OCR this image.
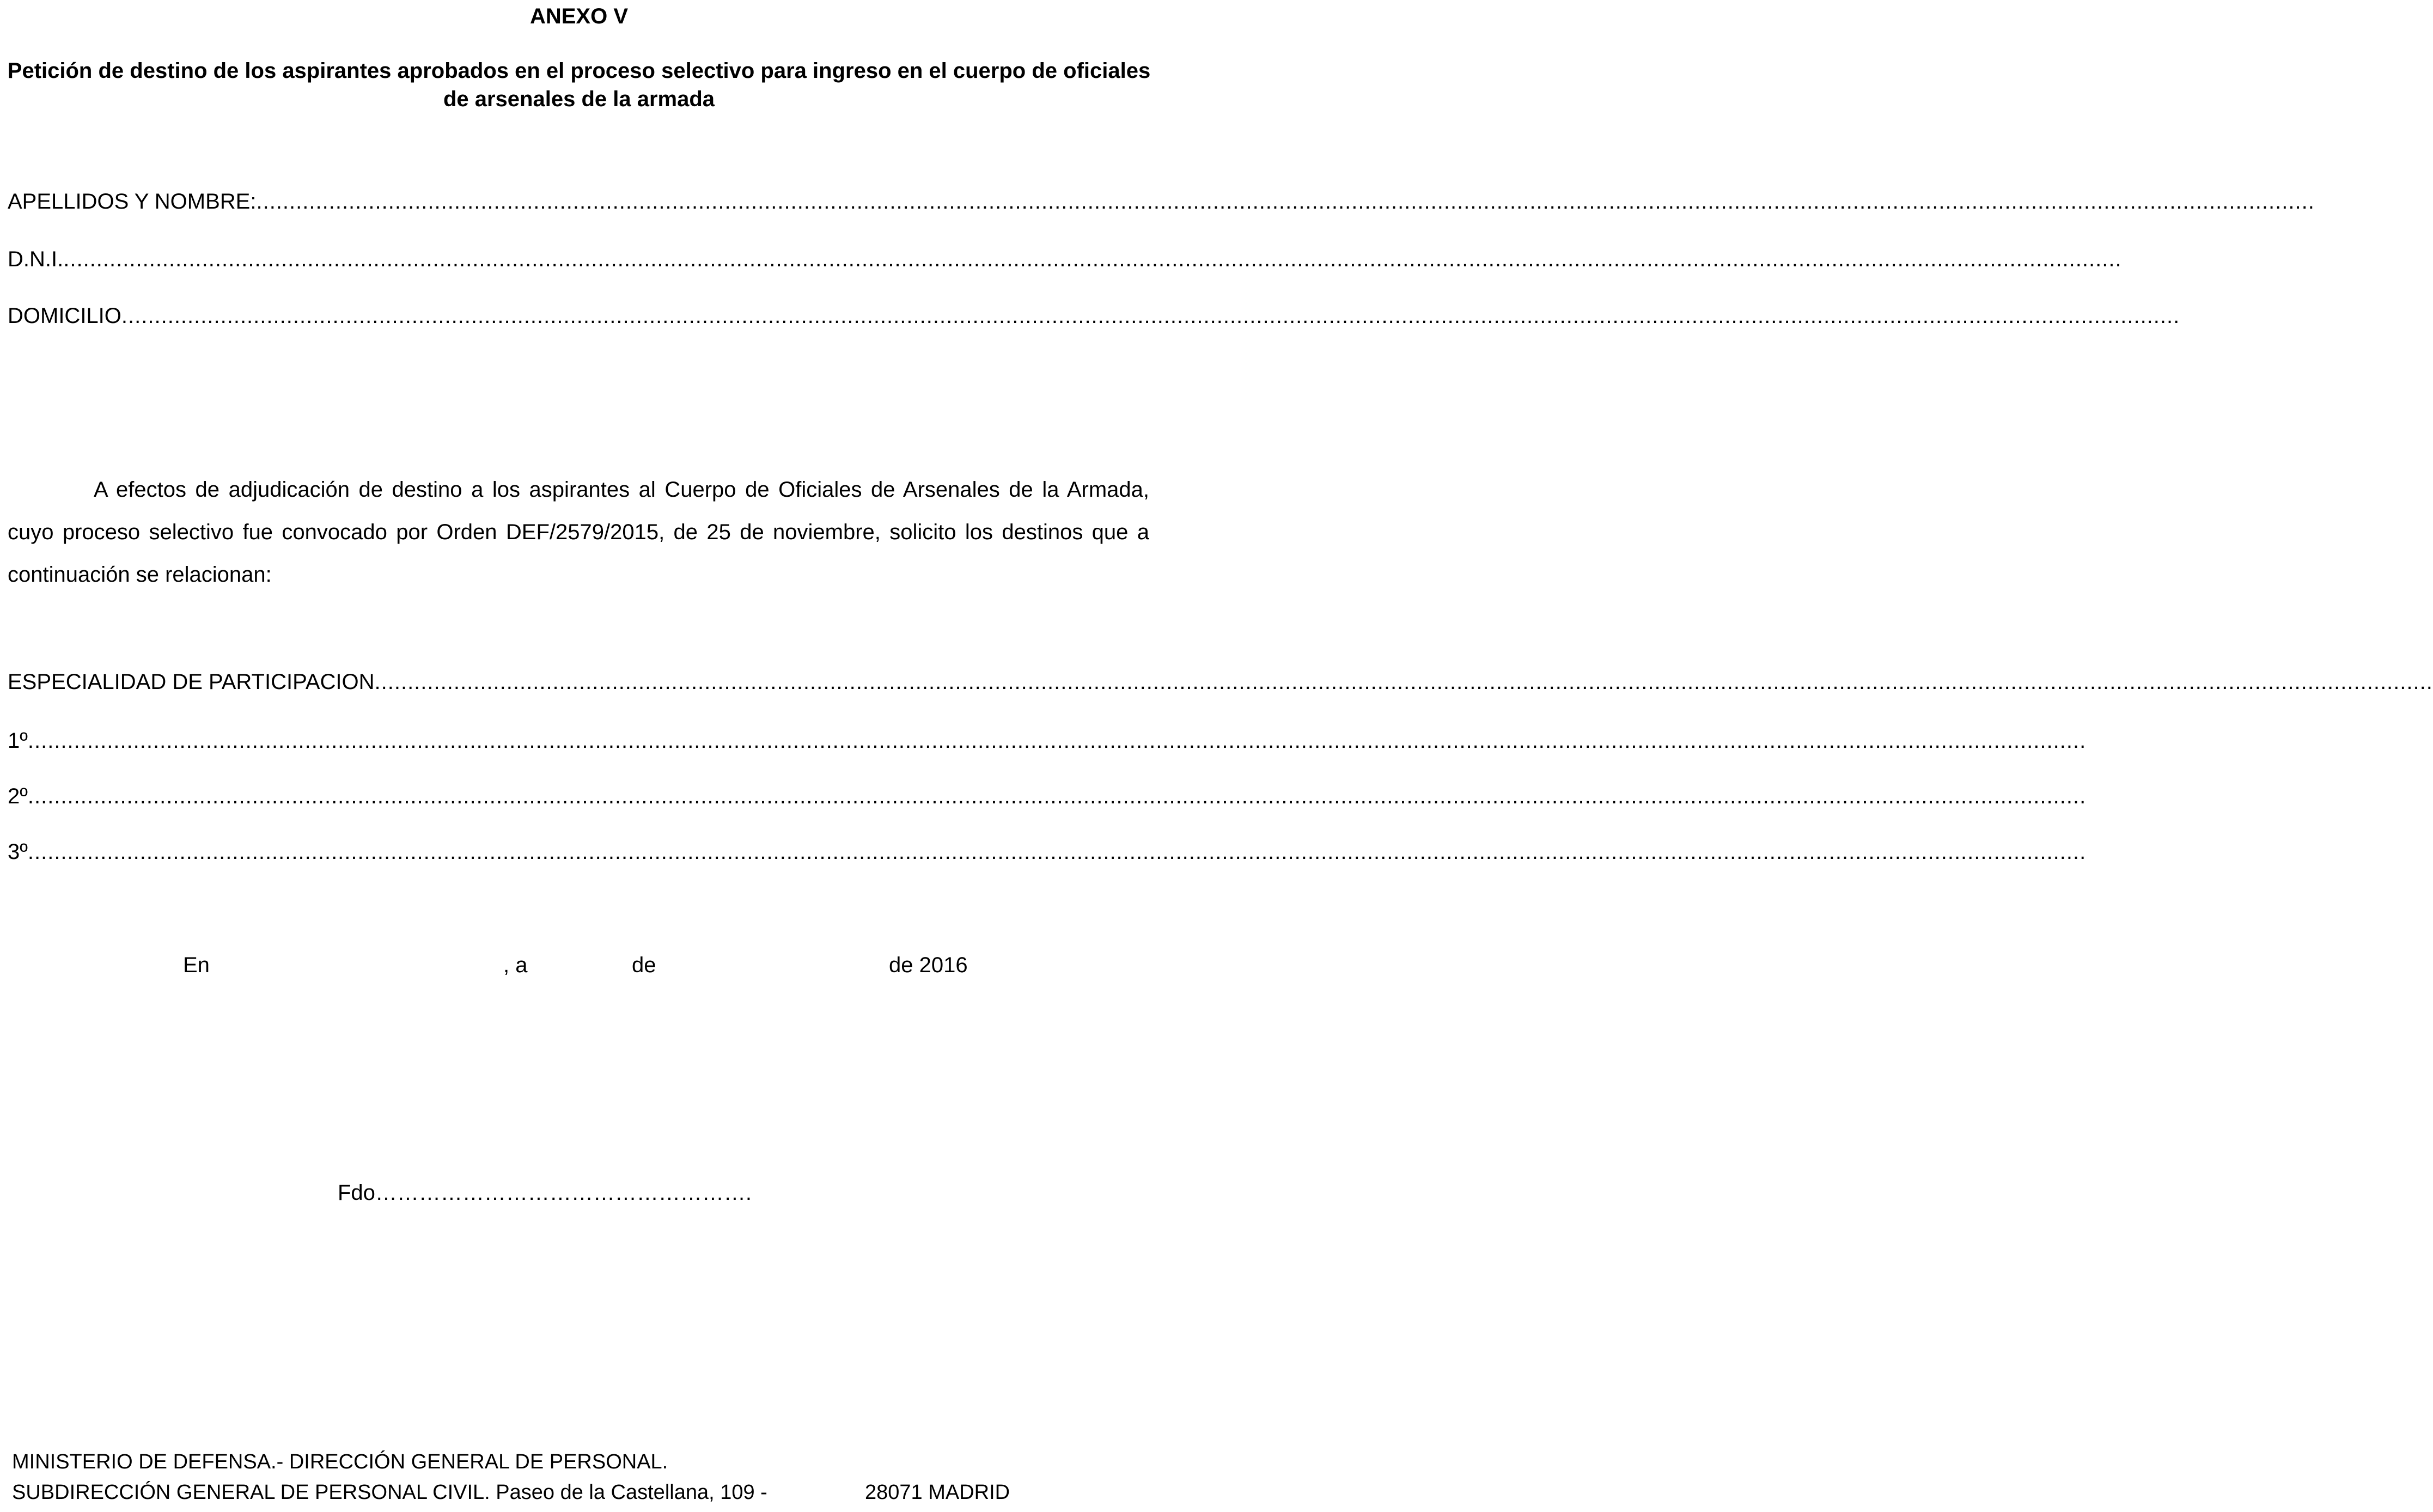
ANEXO V
Petición de destino de los aspirantes aprobados en el proceso selectivo para ingreso en el cuerpo de oficiales de arsenales de la armada
APELLIDOS Y NOMBRE: ........................................................................................................................................................................................................................................................................................................................
D.N.I. ........................................................................................................................................................................................................................................................................................................................
DOMICILIO ........................................................................................................................................................................................................................................................................................................................
A efectos de adjudicación de destino a los aspirantes al Cuerpo de Oficiales de Arsenales de la Armada, cuyo proceso selectivo fue convocado por Orden DEF/2579/2015, de 25 de noviembre, solicito los destinos que a continuación se relacionan:
ESPECIALIDAD DE PARTICIPACION ........................................................................................................................................................................................................................................................................................................................
1º ........................................................................................................................................................................................................................................................................................................................
2º ........................................................................................................................................................................................................................................................................................................................
3º ........................................................................................................................................................................................................................................................................................................................
En	, a	de	de 2016
Fdo…………………………………………….
MINISTERIO DE DEFENSA.- DIRECCIÓN GENERAL DE PERSONAL.
SUBDIRECCIÓN GENERAL DE PERSONAL CIVIL. Paseo de la Castellana, 109 -	28071 MADRID
